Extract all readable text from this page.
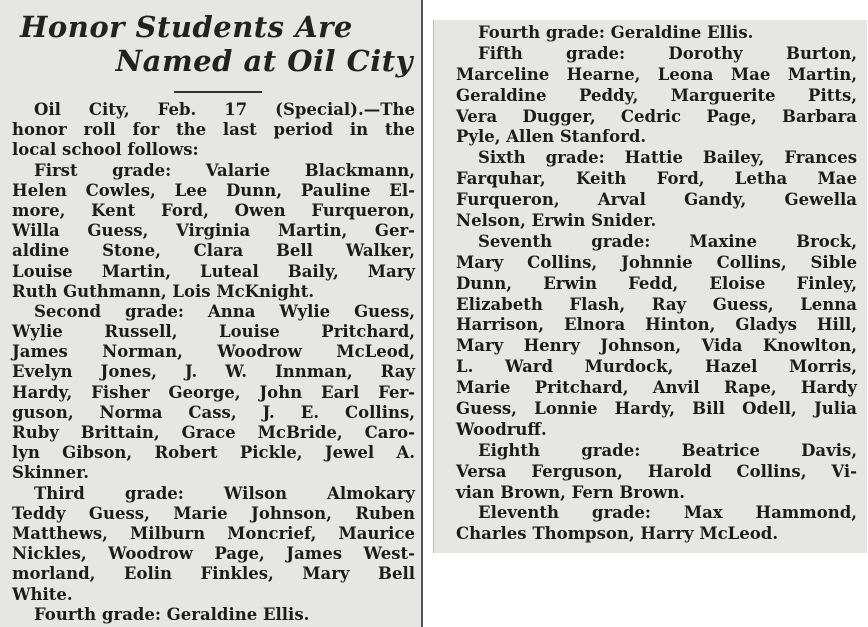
Honor Students Are
Named at Oil City
Oil City, Feb. 17 (Special).—The
honor roll for the last period in the
local school follows:
First grade: Valarie Blackmann,
Helen Cowles, Lee Dunn, Pauline El-
more, Kent Ford, Owen Furqueron,
Willa Guess, Virginia Martin, Ger-
aldine Stone, Clara Bell Walker,
Louise Martin, Luteal Baily, Mary
Ruth Guthmann, Lois McKnight.
Second grade: Anna Wylie Guess,
Wylie Russell, Louise Pritchard,
James Norman, Woodrow McLeod,
Evelyn Jones, J. W. Innman, Ray
Hardy, Fisher George, John Earl Fer-
guson, Norma Cass, J. E. Collins,
Ruby Brittain, Grace McBride, Caro-
lyn Gibson, Robert Pickle, Jewel A.
Skinner.
Third grade: Wilson Almokary
Teddy Guess, Marie Johnson, Ruben
Matthews, Milburn Moncrief, Maurice
Nickles, Woodrow Page, James West-
morland, Eolin Finkles, Mary Bell
White.
Fourth grade: Geraldine Ellis.
Fourth grade: Geraldine Ellis.
Fifth grade: Dorothy Burton,
Marceline Hearne, Leona Mae Martin,
Geraldine Peddy, Marguerite Pitts,
Vera Dugger, Cedric Page, Barbara
Pyle, Allen Stanford.
Sixth grade: Hattie Bailey, Frances
Farquhar, Keith Ford, Letha Mae
Furqueron, Arval Gandy, Gewella
Nelson, Erwin Snider.
Seventh grade: Maxine Brock,
Mary Collins, Johnnie Collins, Sible
Dunn, Erwin Fedd, Eloise Finley,
Elizabeth Flash, Ray Guess, Lenna
Harrison, Elnora Hinton, Gladys Hill,
Mary Henry Johnson, Vida Knowlton,
L. Ward Murdock, Hazel Morris,
Marie Pritchard, Anvil Rape, Hardy
Guess, Lonnie Hardy, Bill Odell, Julia
Woodruff.
Eighth grade: Beatrice Davis,
Versa Ferguson, Harold Collins, Vi-
vian Brown, Fern Brown.
Eleventh grade: Max Hammond,
Charles Thompson, Harry McLeod.
